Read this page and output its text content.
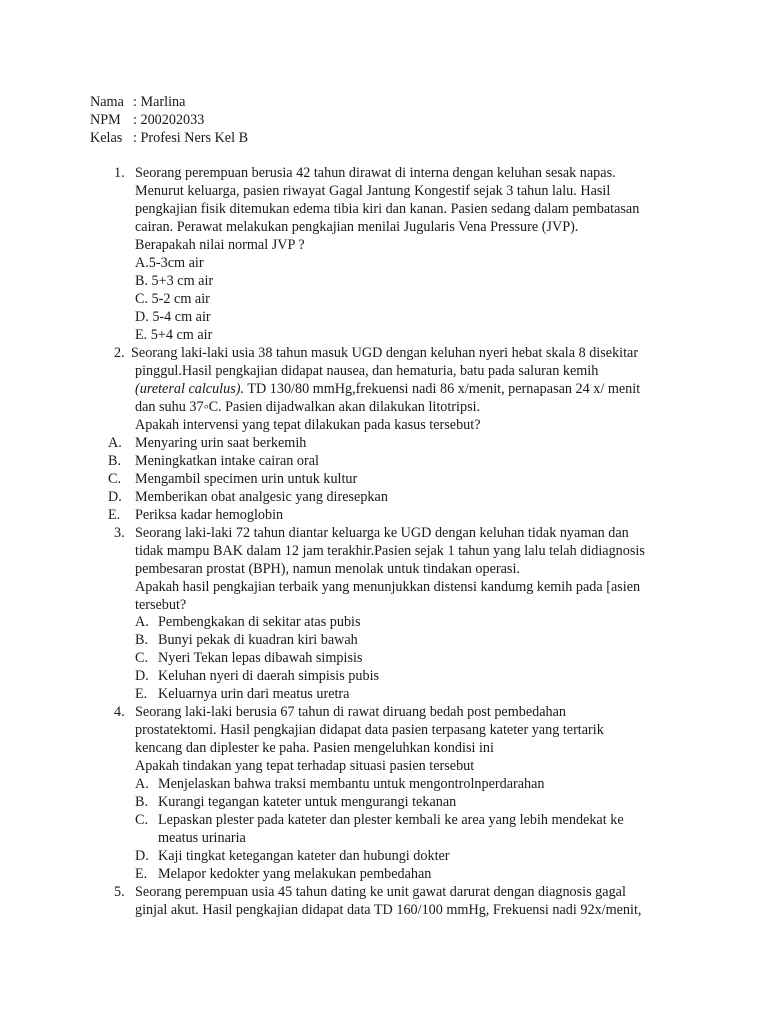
Nama : Marlina
NPM : 200202033
Kelas : Profesi Ners Kel B
1. Seorang perempuan berusia 42 tahun dirawat di interna dengan keluhan sesak napas.
Menurut keluarga, pasien riwayat Gagal Jantung Kongestif sejak 3 tahun lalu. Hasil
pengkajian fisik ditemukan edema tibia kiri dan kanan. Pasien sedang dalam pembatasan
cairan. Perawat melakukan pengkajian menilai Jugularis Vena Pressure (JVP).
Berapakah nilai normal JVP ?
A.5-3cm air
B. 5+3 cm air
C. 5-2 cm air
D. 5-4 cm air
E. 5+4 cm air
2. Seorang laki-laki usia 38 tahun masuk UGD dengan keluhan nyeri hebat skala 8 disekitar
pinggul.Hasil pengkajian didapat nausea, dan hematuria, batu pada saluran kemih
(ureteral calculus). TD 130/80 mmHg,frekuensi nadi 86 x/menit, pernapasan 24 x/ menit
dan suhu 37◦C. Pasien dijadwalkan akan dilakukan litotripsi.
Apakah intervensi yang tepat dilakukan pada kasus tersebut?
A. Menyaring urin saat berkemih
B. Meningkatkan intake cairan oral
C. Mengambil specimen urin untuk kultur
D. Memberikan obat analgesic yang diresepkan
E. Periksa kadar hemoglobin
3. Seorang laki-laki 72 tahun diantar keluarga ke UGD dengan keluhan tidak nyaman dan
tidak mampu BAK dalam 12 jam terakhir.Pasien sejak 1 tahun yang lalu telah didiagnosis
pembesaran prostat (BPH), namun menolak untuk tindakan operasi.
Apakah hasil pengkajian terbaik yang menunjukkan distensi kandumg kemih pada [asien
tersebut?
A. Pembengkakan di sekitar atas pubis
B. Bunyi pekak di kuadran kiri bawah
C. Nyeri Tekan lepas dibawah simpisis
D. Keluhan nyeri di daerah simpisis pubis
E. Keluarnya urin dari meatus uretra
4. Seorang laki-laki berusia 67 tahun di rawat diruang bedah post pembedahan
prostatektomi. Hasil pengkajian didapat data pasien terpasang kateter yang tertarik
kencang dan diplester ke paha. Pasien mengeluhkan kondisi ini
Apakah tindakan yang tepat terhadap situasi pasien tersebut
A. Menjelaskan bahwa traksi membantu untuk mengontrolnperdarahan
B. Kurangi tegangan kateter untuk mengurangi tekanan
C. Lepaskan plester pada kateter dan plester kembali ke area yang lebih mendekat ke
meatus urinaria
D. Kaji tingkat ketegangan kateter dan hubungi dokter
E. Melapor kedokter yang melakukan pembedahan
5. Seorang perempuan usia 45 tahun dating ke unit gawat darurat dengan diagnosis gagal
ginjal akut. Hasil pengkajian didapat data TD 160/100 mmHg, Frekuensi nadi 92x/menit,
